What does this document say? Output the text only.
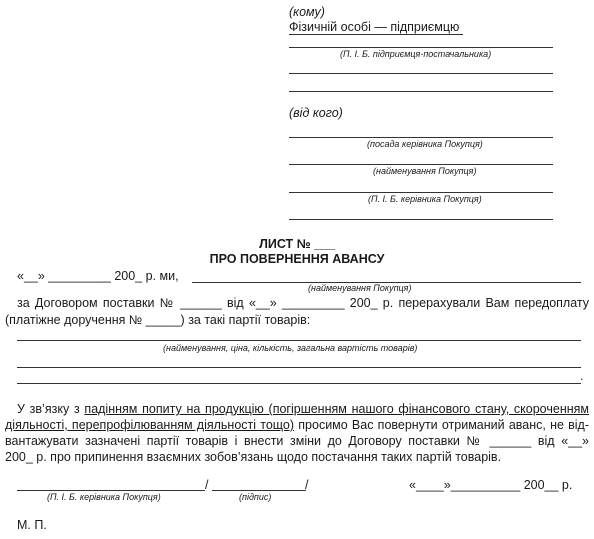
(кому)
Фізичній особі — підприємцю
(П. І. Б. підприємця-постачальника)
(від кого)
(посада керівника Покупця)
(найменування Покупця)
(П. І. Б. керівника Покупця)
ЛИСТ № ___
ПРО ПОВЕРНЕННЯ АВАНСУ
«__» _________ 200_ р. ми,
(найменування Покупця)
за Договором поставки № ______ від «__» _________ 200_ р. перерахували Вам передоплату
(платіжне доручення № _____) за такі партії товарів:
(найменування, ціна, кількість, загальна вартість товарів)
.
У зв’язку з падінням попиту на продукцію (погіршенням нашого фінансового стану, скороченням
діяльності, перепрофілюванням діяльності тощо) просимо Вас повернути отриманий аванс, не від-
вантажувати зазначені партії товарів і внести зміни до Договору поставки № ______ від «__»
200_ р. про припинення взаємних зобов’язань щодо постачання таких партій товарів.
/	/	«____»__________ 200__ р.
(П. І. Б. керівника Покупця)	(підпис)
М. П.
